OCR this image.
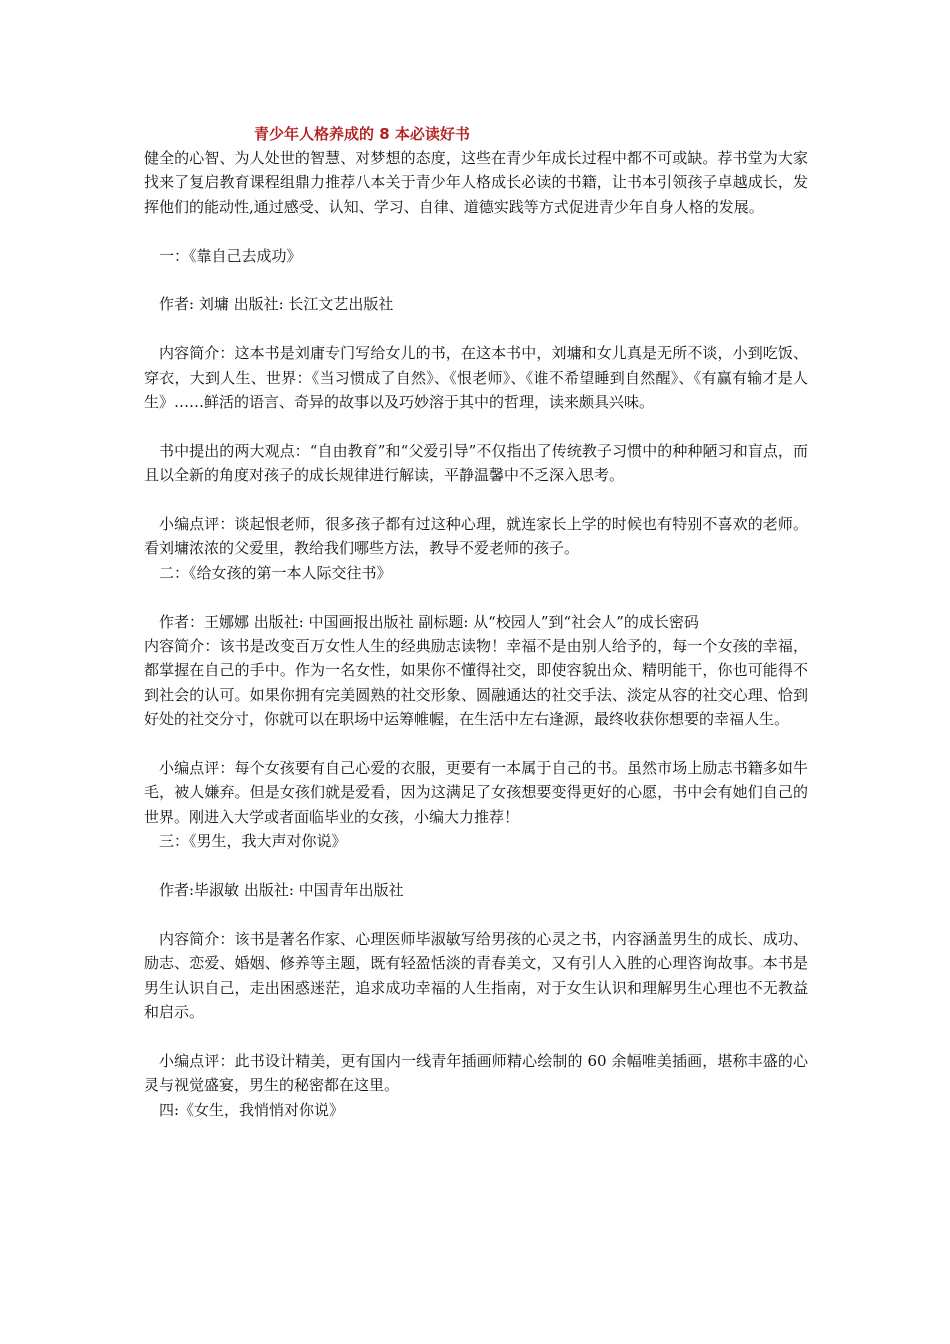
青少年人格养成的 8 本必读好书

健全的心智、为人处世的智慧、对梦想的态度，这些在青少年成长过程中都不可或缺。荐书堂为大家找来了复启教育课程组鼎力推荐八本关于青少年人格成长必读的书籍，让书本引领孩子卓越成长，发挥他们的能动性,通过感受、认知、学习、自律、道德实践等方式促进青少年自身人格的发展。

一：《靠自己去成功》

作者: 刘墉 出版社: 长江文艺出版社

内容简介：这本书是刘庸专门写给女儿的书，在这本书中，刘墉和女儿真是无所不谈，小到吃饭、穿衣，大到人生、世界：《当习惯成了自然》、《恨老师》、《谁不希望睡到自然醒》、《有赢有输才是人生》……鲜活的语言、奇异的故事以及巧妙溶于其中的哲理，读来颇具兴味。

书中提出的两大观点：“自由教育”和“父爱引导”不仅指出了传统教子习惯中的种种陋习和盲点，而且以全新的角度对孩子的成长规律进行解读，平静温馨中不乏深入思考。

小编点评：谈起恨老师，很多孩子都有过这种心理，就连家长上学的时候也有特别不喜欢的老师。看刘墉浓浓的父爱里，教给我们哪些方法，教导不爱老师的孩子。

二：《给女孩的第一本人际交往书》

作者：王娜娜 出版社: 中国画报出版社 副标题: 从“校园人”到“社会人”的成长密码

内容简介：该书是改变百万女性人生的经典励志读物！幸福不是由别人给予的，每一个女孩的幸福，都掌握在自己的手中。作为一名女性，如果你不懂得社交，即使容貌出众、精明能干，你也可能得不到社会的认可。如果你拥有完美圆熟的社交形象、圆融通达的社交手法、淡定从容的社交心理、恰到好处的社交分寸，你就可以在职场中运筹帷幄，在生活中左右逢源，最终收获你想要的幸福人生。

小编点评：每个女孩要有自己心爱的衣服，更要有一本属于自己的书。虽然市场上励志书籍多如牛毛，被人嫌弃。但是女孩们就是爱看，因为这满足了女孩想要变得更好的心愿，书中会有她们自己的世界。刚进入大学或者面临毕业的女孩，小编大力推荐！

三：《男生，我大声对你说》

作者:毕淑敏 出版社: 中国青年出版社

内容简介：该书是著名作家、心理医师毕淑敏写给男孩的心灵之书，内容涵盖男生的成长、成功、励志、恋爱、婚姻、修养等主题，既有轻盈恬淡的青春美文，又有引人入胜的心理咨询故事。本书是男生认识自己，走出困惑迷茫，追求成功幸福的人生指南，对于女生认识和理解男生心理也不无教益和启示。

小编点评：此书设计精美，更有国内一线青年插画师精心绘制的 60 余幅唯美插画，堪称丰盛的心灵与视觉盛宴，男生的秘密都在这里。

四:《女生，我悄悄对你说》
